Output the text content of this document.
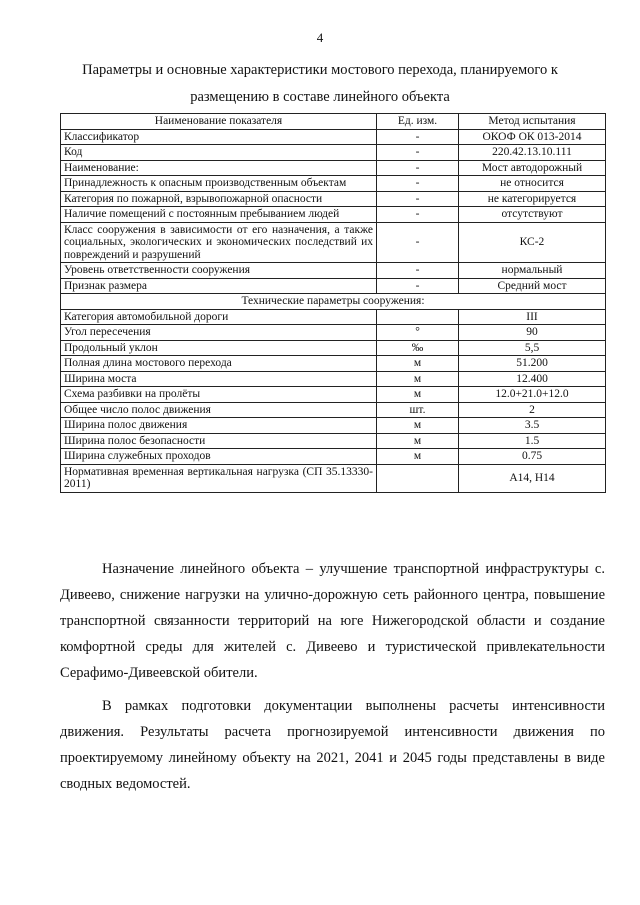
4
Параметры и основные характеристики мостового перехода, планируемого к размещению в составе линейного объекта
Наименование показателя	Ед. изм.	Метод испытания
Классификатор	-	ОКОФ ОК 013-2014
Код	-	220.42.13.10.111
Наименование:	-	Мост автодорожный
Принадлежность к опасным производственным объектам	-	не относится
Категория по пожарной, взрывопожарной опасности	-	не категорируется
Наличие помещений с постоянным пребыванием людей	-	отсутствуют
Класс сооружения в зависимости от его назначения, а также социальных, экологических и экономических последствий их повреждений и разрушений	-	КС-2
Уровень ответственности сооружения	-	нормальный
Признак размера	-	Средний мост
Технические параметры сооружения:		
Категория автомобильной дороги		III
Угол пересечения	°	90
Продольный уклон	‰	5,5
Полная длина мостового перехода	м	51.200
Ширина моста	м	12.400
Схема разбивки на пролёты	м	12.0+21.0+12.0
Общее число полос движения	шт.	2
Ширина полос движения	м	3.5
Ширина полос безопасности	м	1.5
Ширина служебных проходов	м	0.75
Нормативная временная вертикальная нагрузка (СП 35.13330-2011)		А14, Н14

Назначение линейного объекта – улучшение транспортной инфраструктуры с. Дивеево, снижение нагрузки на улично-дорожную сеть районного центра, повышение транспортной связанности территорий на юге Нижегородской области и создание комфортной среды для жителей с. Дивеево и туристической привлекательности Серафимо-Дивеевской обители.

В рамках подготовки документации выполнены расчеты интенсивности движения. Результаты расчета прогнозируемой интенсивности движения по проектируемому линейному объекту на 2021, 2041 и 2045 годы представлены в виде сводных ведомостей.
